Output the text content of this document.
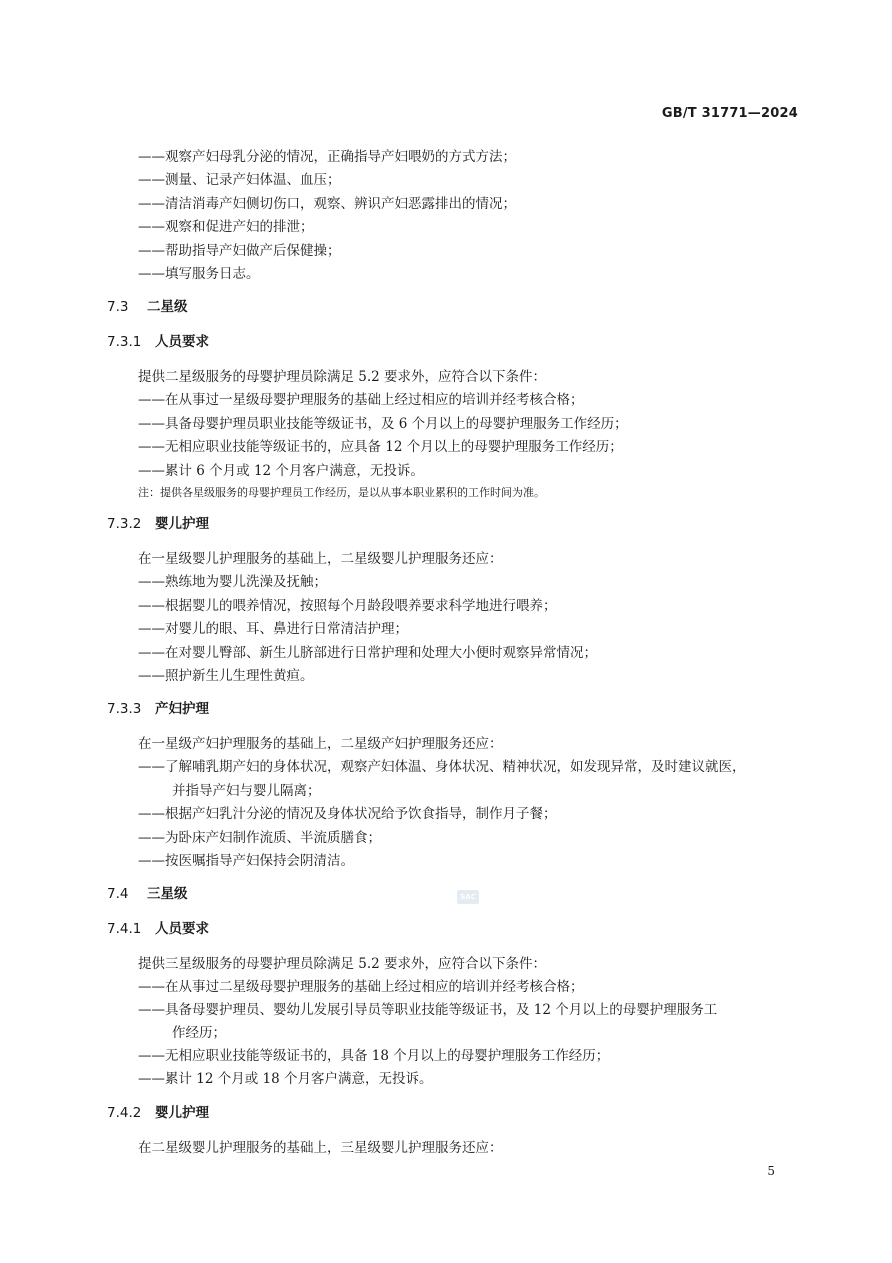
GB/T 31771—2024
——观察产妇母乳分泌的情况，正确指导产妇喂奶的方式方法；
——测量、记录产妇体温、血压；
——清洁消毒产妇侧切伤口，观察、辨识产妇恶露排出的情况；
——观察和促进产妇的排泄；
——帮助指导产妇做产后保健操；
——填写服务日志。
7.3 二星级
7.3.1 人员要求
提供二星级服务的母婴护理员除满足 5.2 要求外，应符合以下条件：
——在从事过一星级母婴护理服务的基础上经过相应的培训并经考核合格；
——具备母婴护理员职业技能等级证书，及 6 个月以上的母婴护理服务工作经历；
——无相应职业技能等级证书的，应具备 12 个月以上的母婴护理服务工作经历；
——累计 6 个月或 12 个月客户满意，无投诉。
注：提供各星级服务的母婴护理员工作经历，是以从事本职业累积的工作时间为准。
7.3.2 婴儿护理
在一星级婴儿护理服务的基础上，二星级婴儿护理服务还应：
——熟练地为婴儿洗澡及抚触；
——根据婴儿的喂养情况，按照每个月龄段喂养要求科学地进行喂养；
——对婴儿的眼、耳、鼻进行日常清洁护理；
——在对婴儿臀部、新生儿脐部进行日常护理和处理大小便时观察异常情况；
——照护新生儿生理性黄疸。
7.3.3 产妇护理
在一星级产妇护理服务的基础上，二星级产妇护理服务还应：
——了解哺乳期产妇的身体状况，观察产妇体温、身体状况、精神状况，如发现异常，及时建议就医，
并指导产妇与婴儿隔离；
——根据产妇乳汁分泌的情况及身体状况给予饮食指导，制作月子餐；
——为卧床产妇制作流质、半流质膳食；
——按医嘱指导产妇保持会阴清洁。
7.4 三星级	SAC
7.4.1 人员要求
提供三星级服务的母婴护理员除满足 5.2 要求外，应符合以下条件：
——在从事过二星级母婴护理服务的基础上经过相应的培训并经考核合格；
——具备母婴护理员、婴幼儿发展引导员等职业技能等级证书，及 12 个月以上的母婴护理服务工
作经历；
——无相应职业技能等级证书的，具备 18 个月以上的母婴护理服务工作经历；
——累计 12 个月或 18 个月客户满意，无投诉。
7.4.2 婴儿护理
在二星级婴儿护理服务的基础上，三星级婴儿护理服务还应：
5
